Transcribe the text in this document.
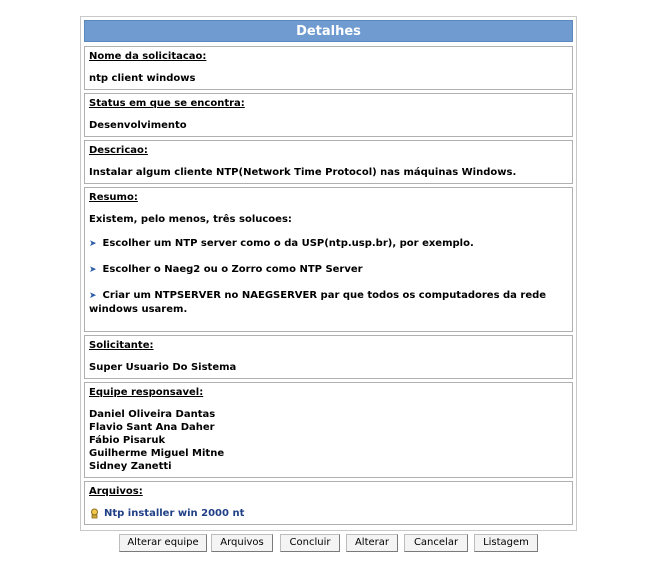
Detalhes
Nome da solicitacao:
ntp client windows
Status em que se encontra:
Desenvolvimento
Descricao:
Instalar algum cliente NTP(Network Time Protocol) nas máquinas Windows.
Resumo:
Existem, pelo menos, três solucoes:
➤ Escolher um NTP server como o da USP(ntp.usp.br), por exemplo.
➤ Escolher o Naeg2 ou o Zorro como NTP Server
➤ Criar um NTPSERVER no NAEGSERVER par que todos os computadores da rede windows usarem.
Solicitante:
Super Usuario Do Sistema
Equipe responsavel:
Daniel Oliveira Dantas
Flavio Sant Ana Daher
Fábio Pisaruk
Guilherme Miguel Mitne
Sidney Zanetti
Arquivos:
Ntp installer win 2000 nt
Alterar equipe	Arquivos	Concluir	Alterar	Cancelar	Listagem
